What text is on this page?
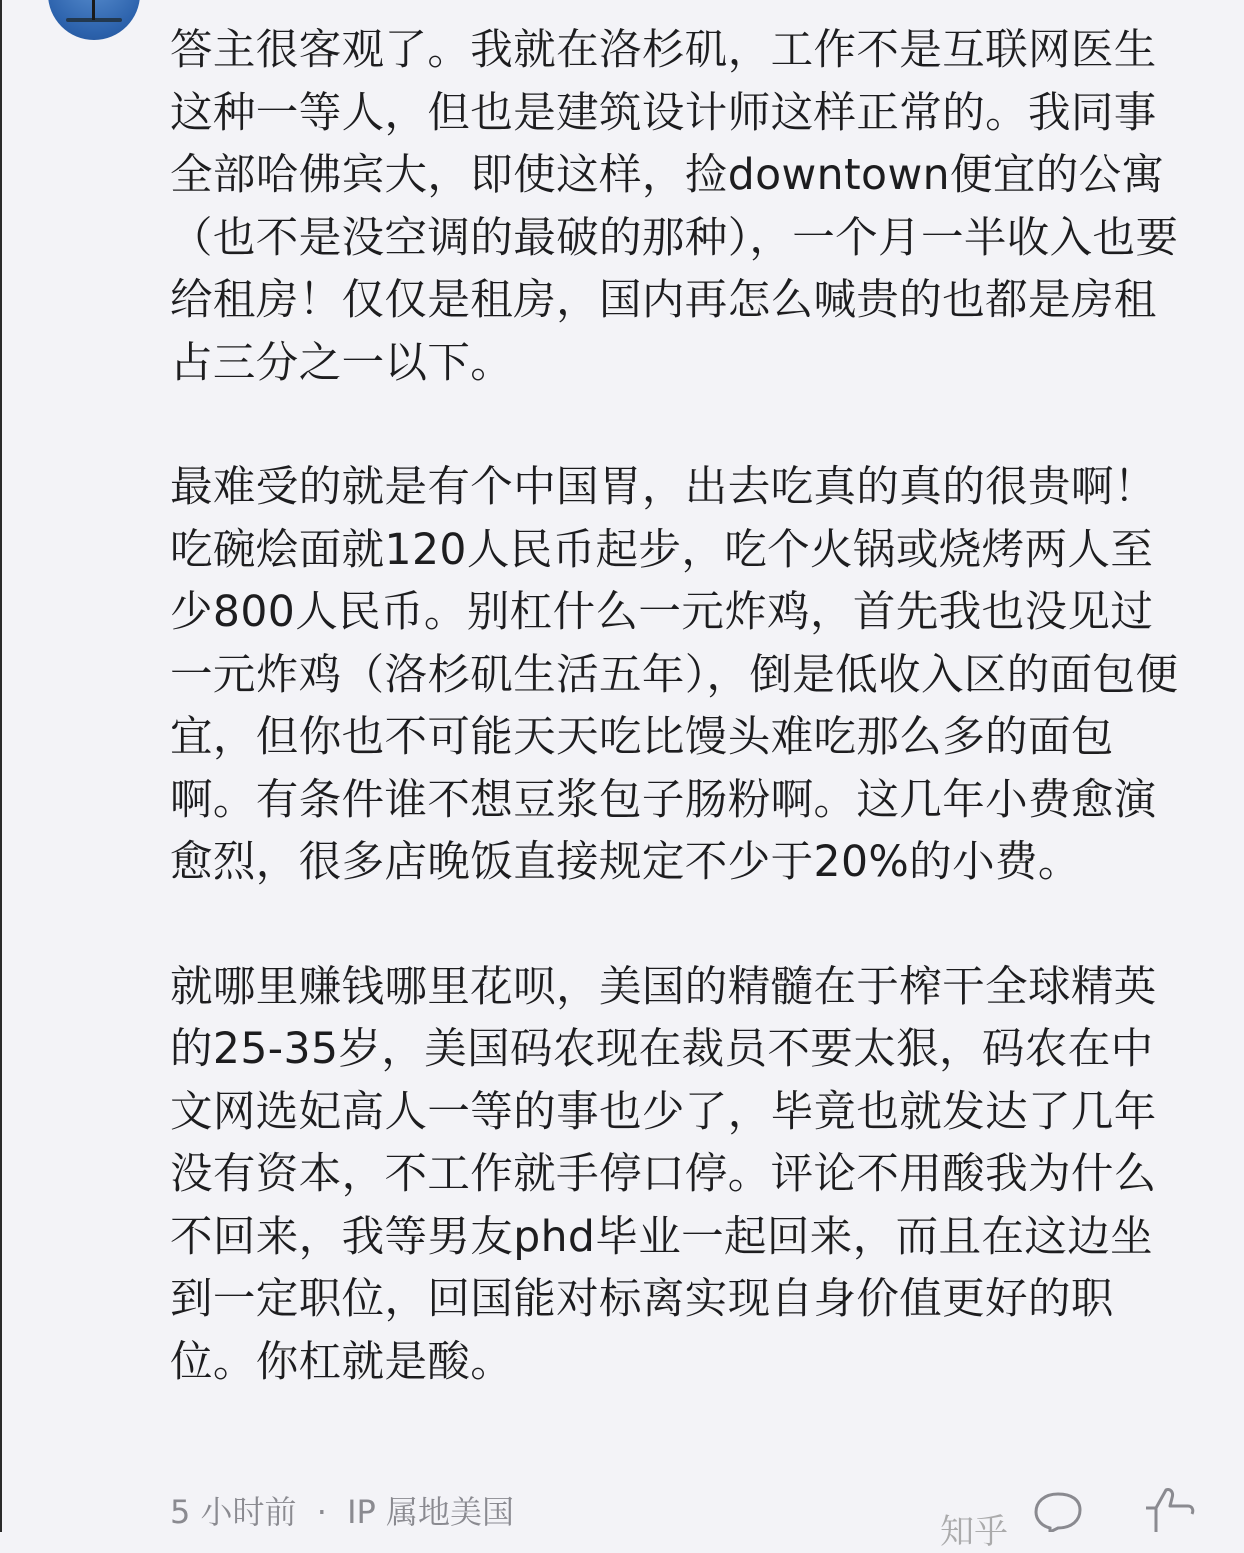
答主很客观了。我就在洛杉矶，工作不是互联网医生这种一等人，但也是建筑设计师这样正常的。我同事全部哈佛宾大，即使这样，捡downtown便宜的公寓（也不是没空调的最破的那种），一个月一半收入也要给租房！仅仅是租房，国内再怎么喊贵的也都是房租占三分之一以下。

最难受的就是有个中国胃，出去吃真的真的很贵啊！吃碗烩面就120人民币起步，吃个火锅或烧烤两人至少800人民币。别杠什么一元炸鸡，首先我也没见过一元炸鸡（洛杉矶生活五年），倒是低收入区的面包便宜，但你也不可能天天吃比馒头难吃那么多的面包啊。有条件谁不想豆浆包子肠粉啊。这几年小费愈演愈烈，很多店晚饭直接规定不少于20%的小费。

就哪里赚钱哪里花呗，美国的精髓在于榨干全球精英的25-35岁，美国码农现在裁员不要太狠，码农在中文网选妃高人一等的事也少了，毕竟也就发达了几年没有资本，不工作就手停口停。评论不用酸我为什么不回来，我等男友phd毕业一起回来，而且在这边坐到一定职位，回国能对标离实现自身价值更好的职位。你杠就是酸。

5 小时前 · IP 属地美国	知乎
